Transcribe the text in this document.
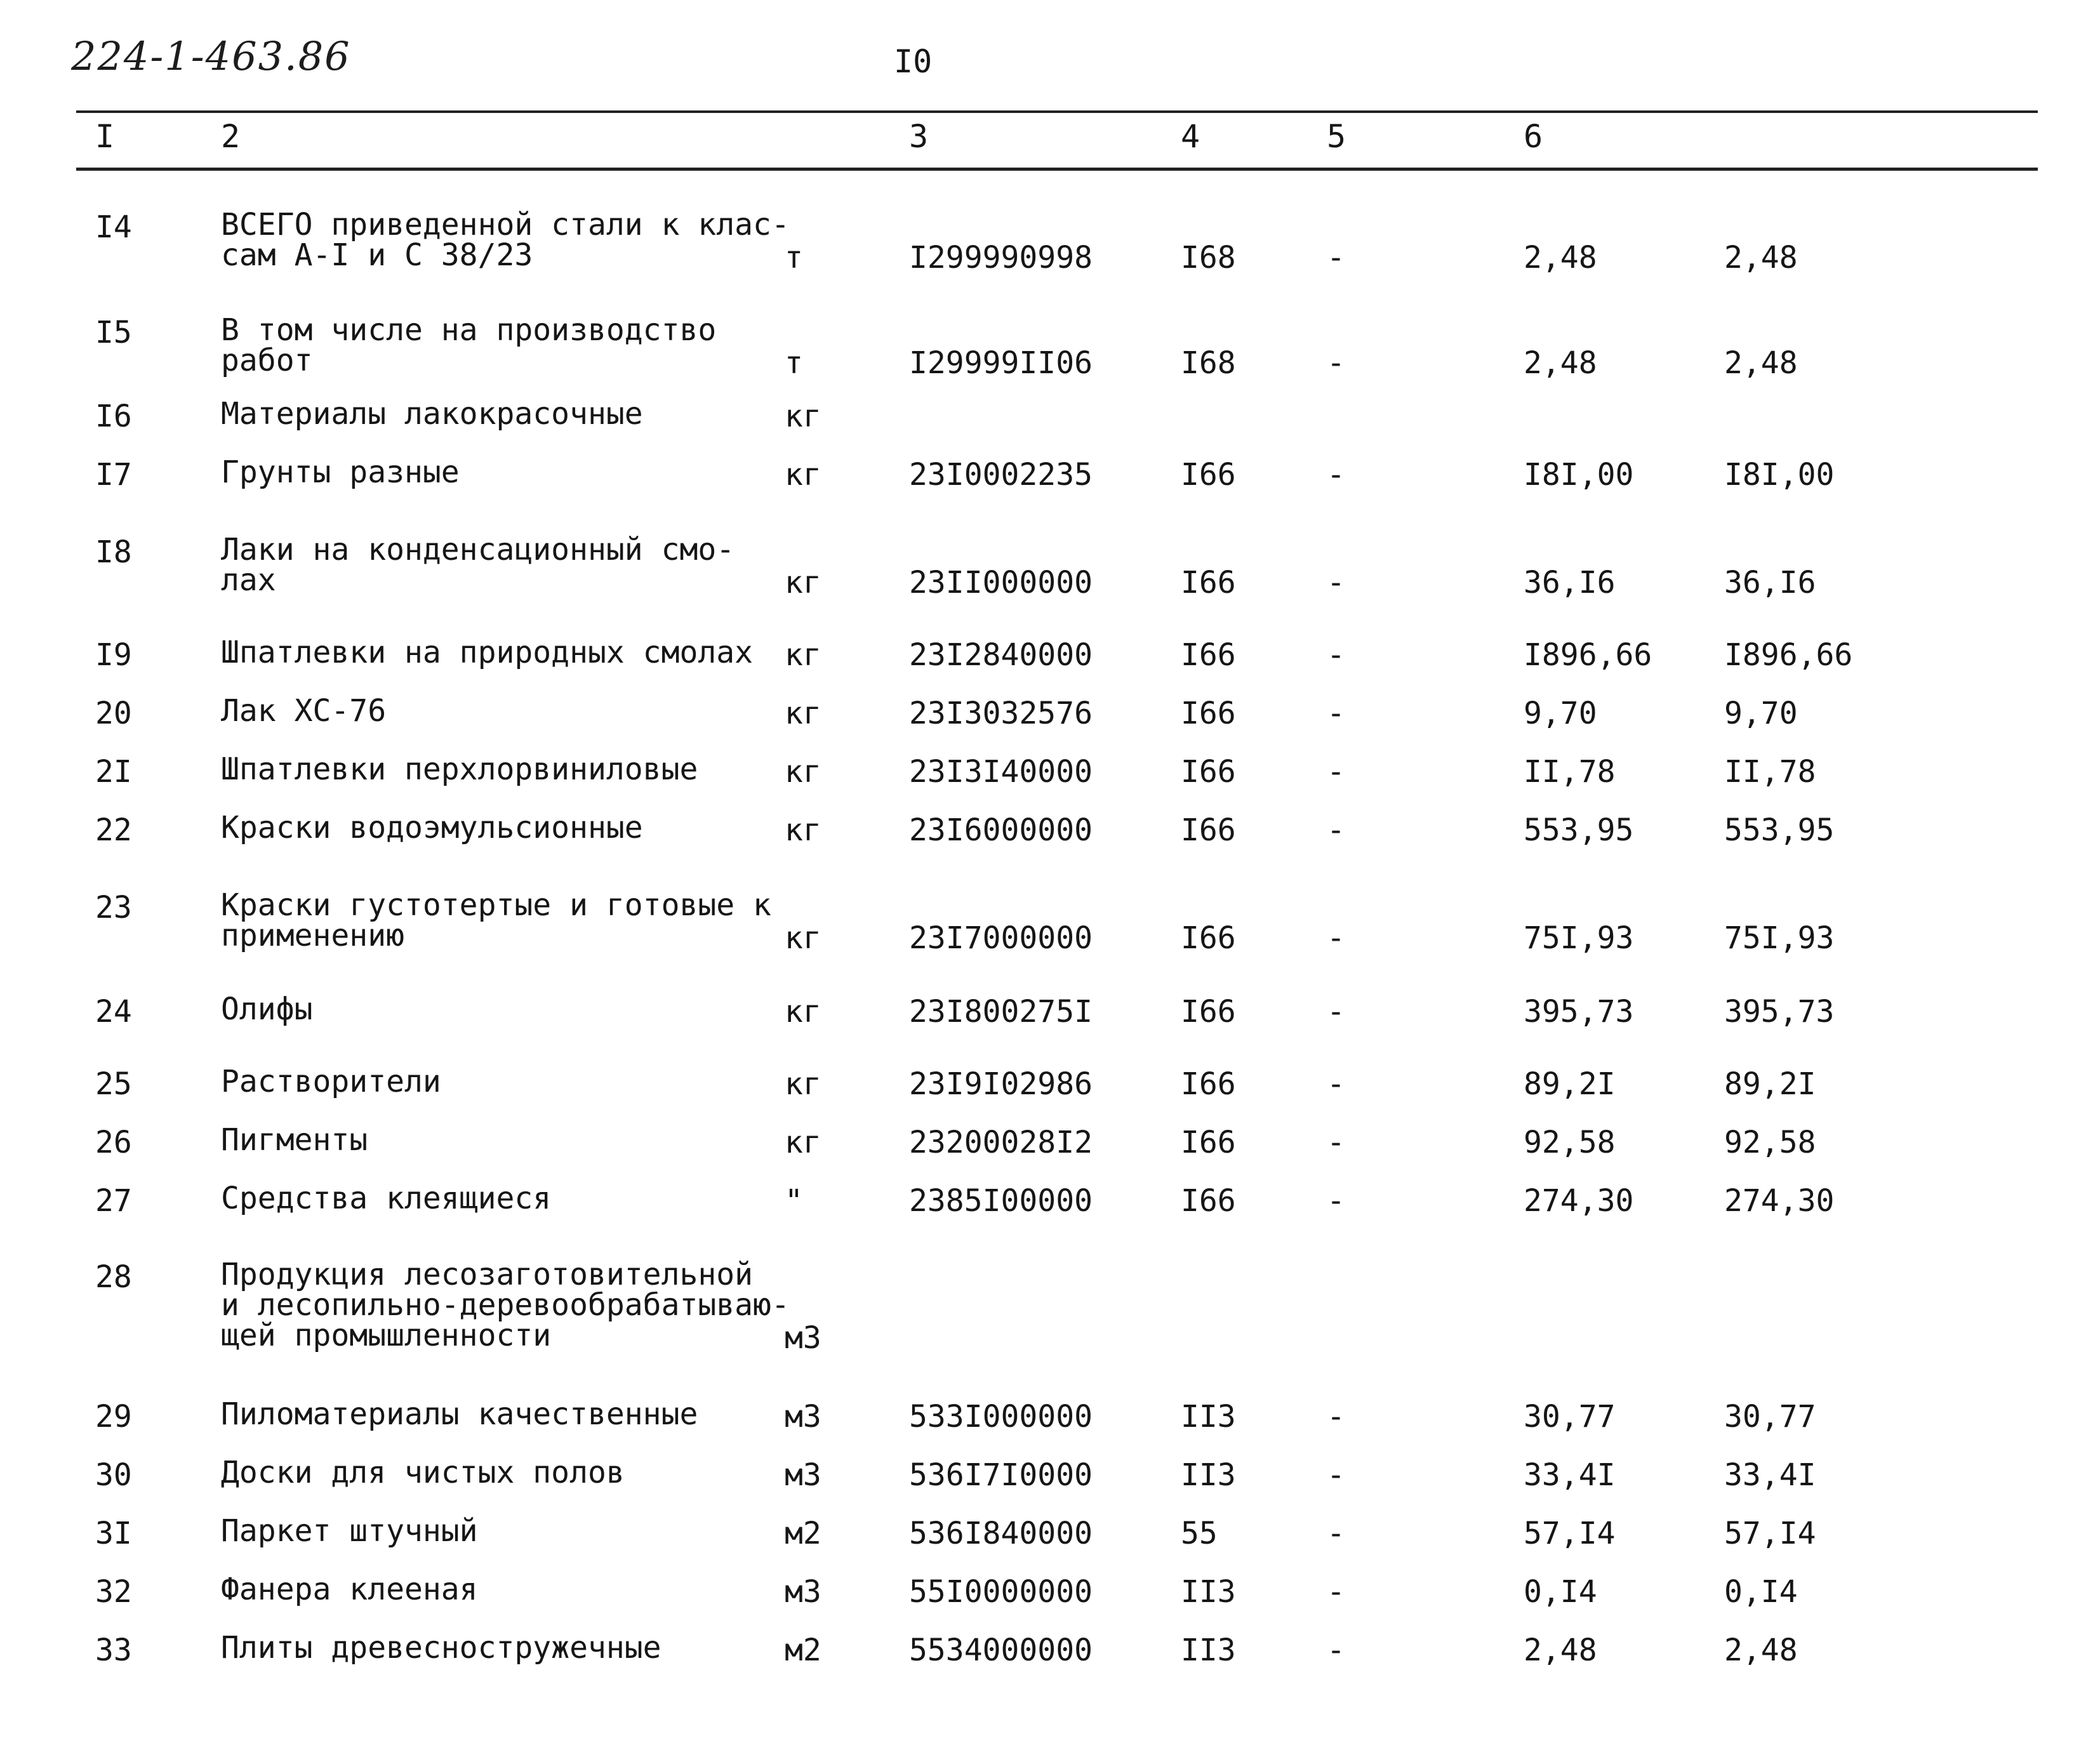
224-1-463.86	I0
I	2	3	4	5	6
I4	ВСЕГО приведенной стали к клас-
сам А-I и С 38/23	т	I299990998	I68	-	2,48	2,48
I5	В том числе на производство
работ	т	I29999II06	I68	-	2,48	2,48
I6	Материалы лакокрасочные	кг
I7	Грунты разные	кг	23I0002235	I66	-	I8I,00	I8I,00
I8	Лаки на конденсационный смо-
лах	кг	23II000000	I66	-	36,I6	36,I6
I9	Шпатлевки на природных смолах кг	23I2840000	I66	-	I896,66 I896,66
20	Лак ХС-76	кг	23I3032576	I66	-	9,70	9,70
2I	Шпатлевки перхлорвиниловые	кг	23I3I40000	I66	-	II,78	II,78
22	Краски водоэмульсионные	кг	23I6000000	I66	-	553,95	553,95
23	Краски густотертые и готовые к
применению	кг	23I7000000	I66	-	75I,93	75I,93
24	Олифы	кг	23I800275I	I66	-	395,73	395,73
25	Растворители	кг	23I9I02986	I66	-	89,2I	89,2I
26	Пигменты	кг	23200028I2	I66	-	92,58	92,58
27	Средства клеящиеся	"	2385I00000	I66	-	274,30	274,30
28	Продукция лесозаготовительной
и лесопильно-деревообрабатываю-
щей промышленности	м3
29	Пиломатериалы качественные	м3	533I000000	II3	-	30,77	30,77
30	Доски для чистых полов	м3	536I7I0000	II3	-	33,4I	33,4I
3I	Паркет штучный	м2	536I840000	55	-	57,I4	57,I4
32	Фанера клееная	м3	55I0000000	II3	-	0,I4	0,I4
33	Плиты древесностружечные	м2	5534000000	II3	-	2,48	2,48
